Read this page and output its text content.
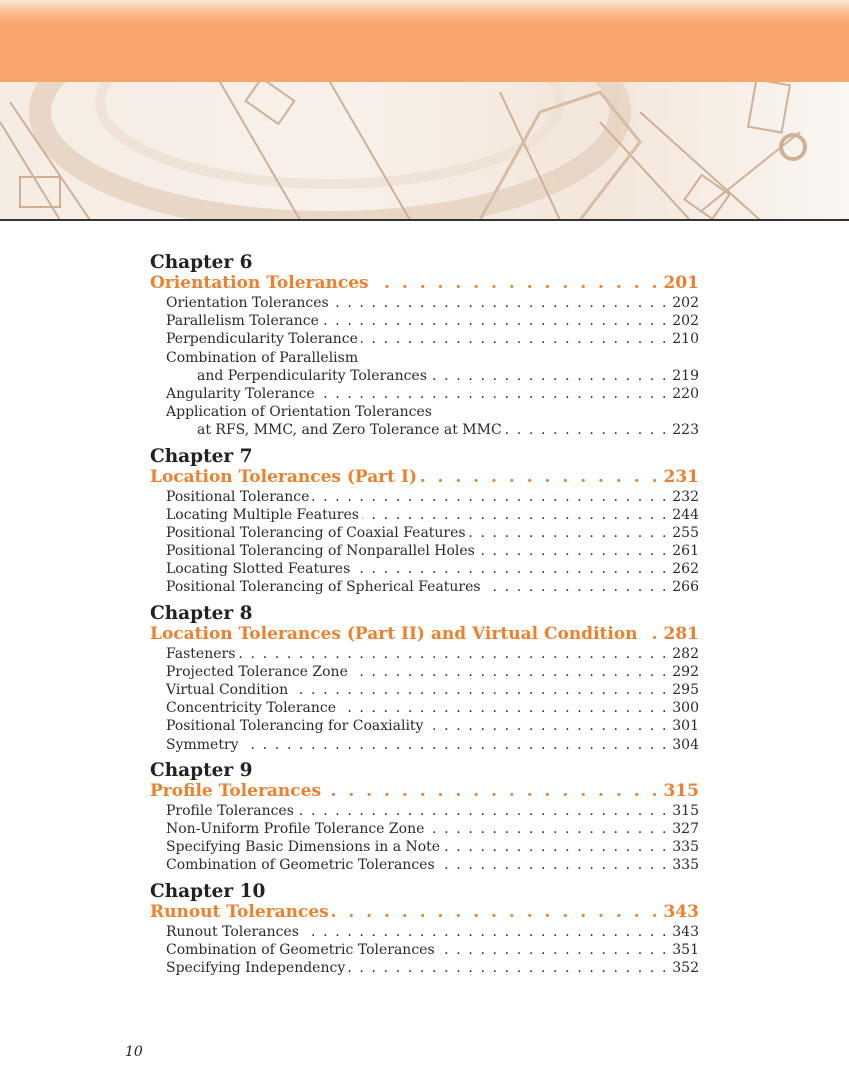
Chapter 6
Orientation Tolerances . . .	201
Orientation Tolerances . . .	202
Parallelism Tolerance . . .	202
Perpendicularity Tolerance . . .	210
Combination of Parallelism
and Perpendicularity Tolerances . . .	219
Angularity Tolerance . . .	220
Application of Orientation Tolerances
at RFS, MMC, and Zero Tolerance at MMC . . .	223
Chapter 7
Location Tolerances (Part I) . . .	231
Positional Tolerance . . .	232
Locating Multiple Features . . .	244
Positional Tolerancing of Coaxial Features . . .	255
Positional Tolerancing of Nonparallel Holes . . .	261
Locating Slotted Features . . .	262
Positional Tolerancing of Spherical Features . . .	266
Chapter 8
Location Tolerances (Part II) and Virtual Condition . . . 281
Fasteners . . .	282
Projected Tolerance Zone . . .	292
Virtual Condition . . .	295
Concentricity Tolerance . . .	300
Positional Tolerancing for Coaxiality . . .	301
Symmetry . . .	304
Chapter 9
Profile Tolerances . . .	315
Profile Tolerances . . .	315
Non-Uniform Profile Tolerance Zone . . .	327
Specifying Basic Dimensions in a Note . . .	335
Combination of Geometric Tolerances . . .	335
Chapter 10
Runout Tolerances . . .	343
Runout Tolerances . . .	343
Combination of Geometric Tolerances . . .	351
Specifying Independency . . .	352
10
